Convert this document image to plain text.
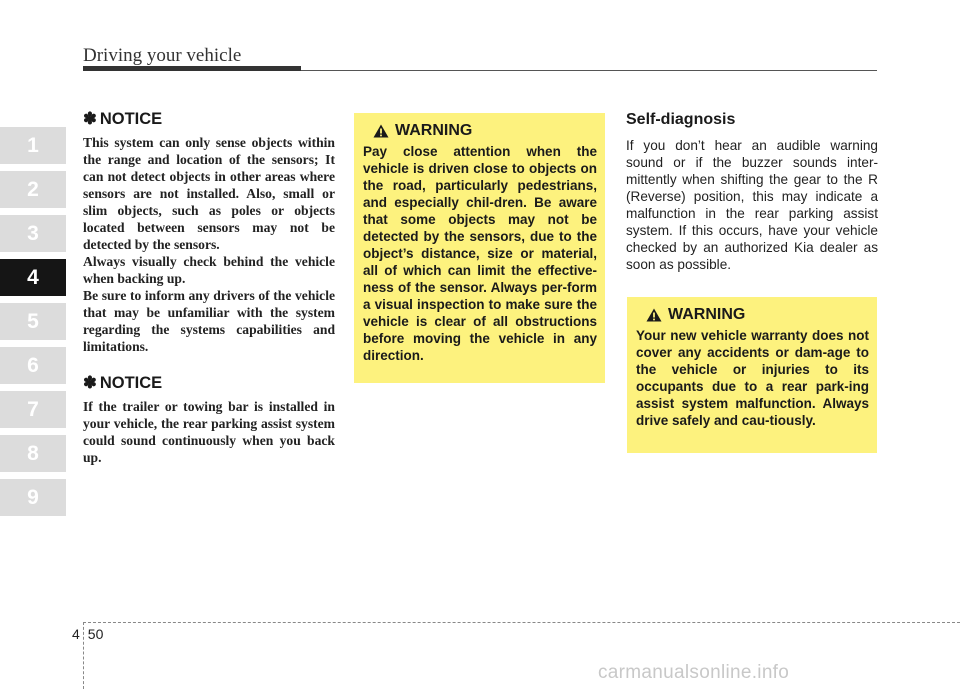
Driving your vehicle
1
2
3
4
5
6
7
8
9
✽ NOTICE

This system can only sense objects within the range and location of the sensors; It can not detect objects in other areas where sensors are not installed. Also, small or slim objects, such as poles or objects located between sensors may not be detected by the sensors.

Always visually check behind the vehicle when backing up.

Be sure to inform any drivers of the vehicle that may be unfamiliar with the system regarding the systems capabilities and limitations.

✽ NOTICE

If the trailer or towing bar is installed in your vehicle, the rear parking assist system could sound continuously when you back up.

WARNING

Pay close attention when the vehicle is driven close to objects on the road, particularly pedestrians, and especially chil-dren. Be aware that some objects may not be detected by the sensors, due to the object’s distance, size or material, all of which can limit the effective-ness of the sensor. Always per-form a visual inspection to make sure the vehicle is clear of all obstructions before moving the vehicle in any direction.

Self-diagnosis

If you don’t hear an audible warning sound or if the buzzer sounds inter-mittently when shifting the gear to the R (Reverse) position, this may indicate a malfunction in the rear parking assist system. If this occurs, have your vehicle checked by an authorized Kia dealer as soon as possible.

WARNING

Your new vehicle warranty does not cover any accidents or dam-age to the vehicle or injuries to its occupants due to a rear park-ing assist system malfunction. Always drive safely and cau-tiously.

4 50
carmanualsonline.info
